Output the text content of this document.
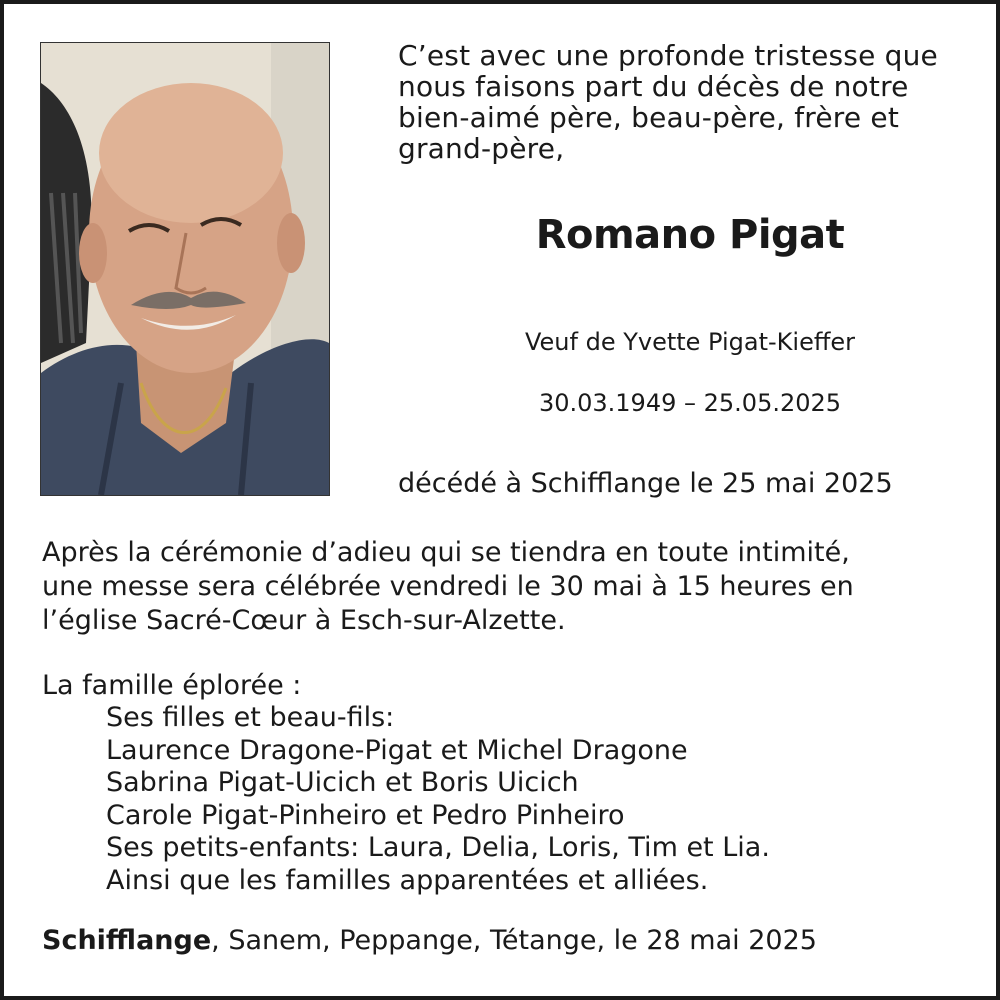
C’est avec une profonde tristesse que
nous faisons part du décès de notre
bien-aimé père, beau-père, frère et
grand-père,
Romano Pigat
Veuf de Yvette Pigat-Kieffer
30.03.1949 – 25.05.2025
décédé à Schifflange le 25 mai 2025
Après la cérémonie d’adieu qui se tiendra en toute intimité,
une messe sera célébrée vendredi le 30 mai à 15 heures en
l’église Sacré-Cœur à Esch-sur-Alzette.
La famille éplorée :
Ses filles et beau-fils:
Laurence Dragone-Pigat et Michel Dragone
Sabrina Pigat-Uicich et Boris Uicich
Carole Pigat-Pinheiro et Pedro Pinheiro
Ses petits-enfants: Laura, Delia, Loris, Tim et Lia.
Ainsi que les familles apparentées et alliées.
Schifflange, Sanem, Peppange, Tétange, le 28 mai 2025
